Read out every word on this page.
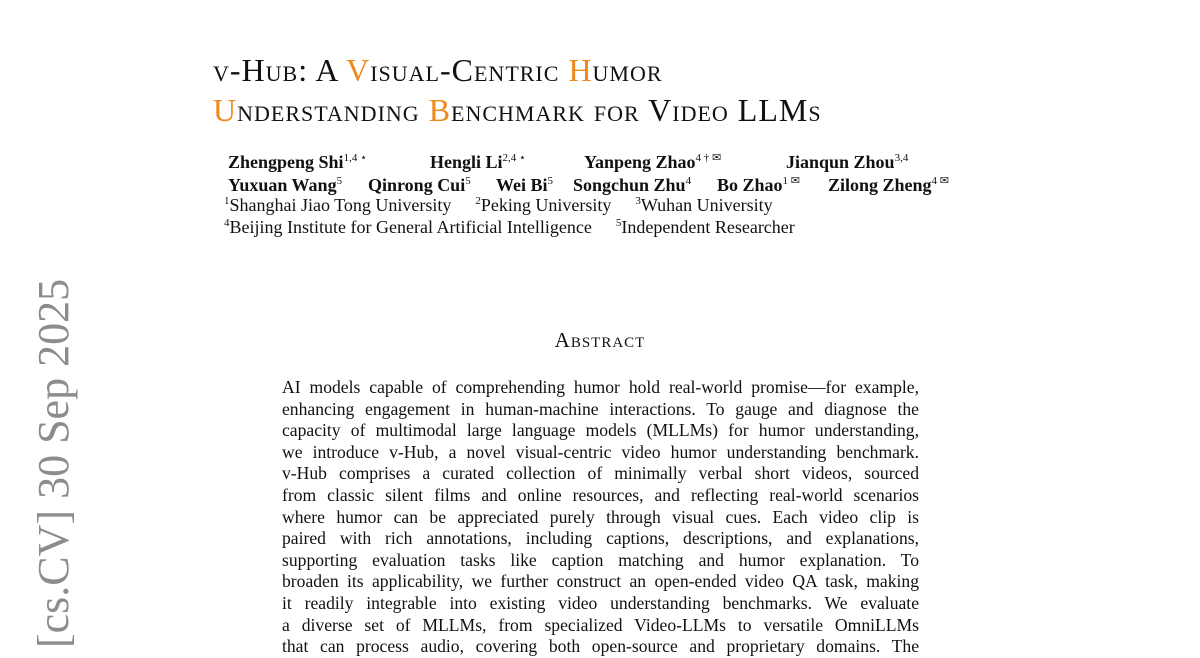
[cs.CV] 30 Sep 2025
v-Hub: A Visual-Centric Humor
Understanding Benchmark for Video LLMs
Zhengpeng Shi$^{1,4 ⋆}$	Hengli $Li^{2,4 ⋆}$	Yanpeng Zhao$^{4 \dagger ✉}$	Jianqun Zhou$^{3,4}$
Yuxuan Wang$^5$ Qinrong Cui$^5$ Wei Bi$^5$ Songchun Zhu$^4$ Bo Zhao$^{1 ✉}$ Zilong Zheng$^{4 ✉}$
$^1$Shanghai Jiao Tong University $^2$Peking University $^3$Wuhan University
$^4$Beijing Institute for General Artificial Intelligence $^5$Independent Researcher
Abstract
AI models capable of comprehending humor hold real-world promise—for example,
enhancing engagement in human-machine interactions. To gauge and diagnose the
capacity of multimodal large language models (MLLMs) for humor understanding,
we introduce v-Hub, a novel visual-centric video humor understanding benchmark.
v-Hub comprises a curated collection of minimally verbal short videos, sourced
from classic silent films and online resources, and reflecting real-world scenarios
where humor can be appreciated purely through visual cues. Each video clip is
paired with rich annotations, including captions, descriptions, and explanations,
supporting evaluation tasks like caption matching and humor explanation. To
broaden its applicability, we further construct an open-ended video QA task, making
it readily integrable into existing video understanding benchmarks. We evaluate
a diverse set of MLLMs, from specialized Video-LLMs to versatile OmniLLMs
that can process audio, covering both open-source and proprietary domains. The
